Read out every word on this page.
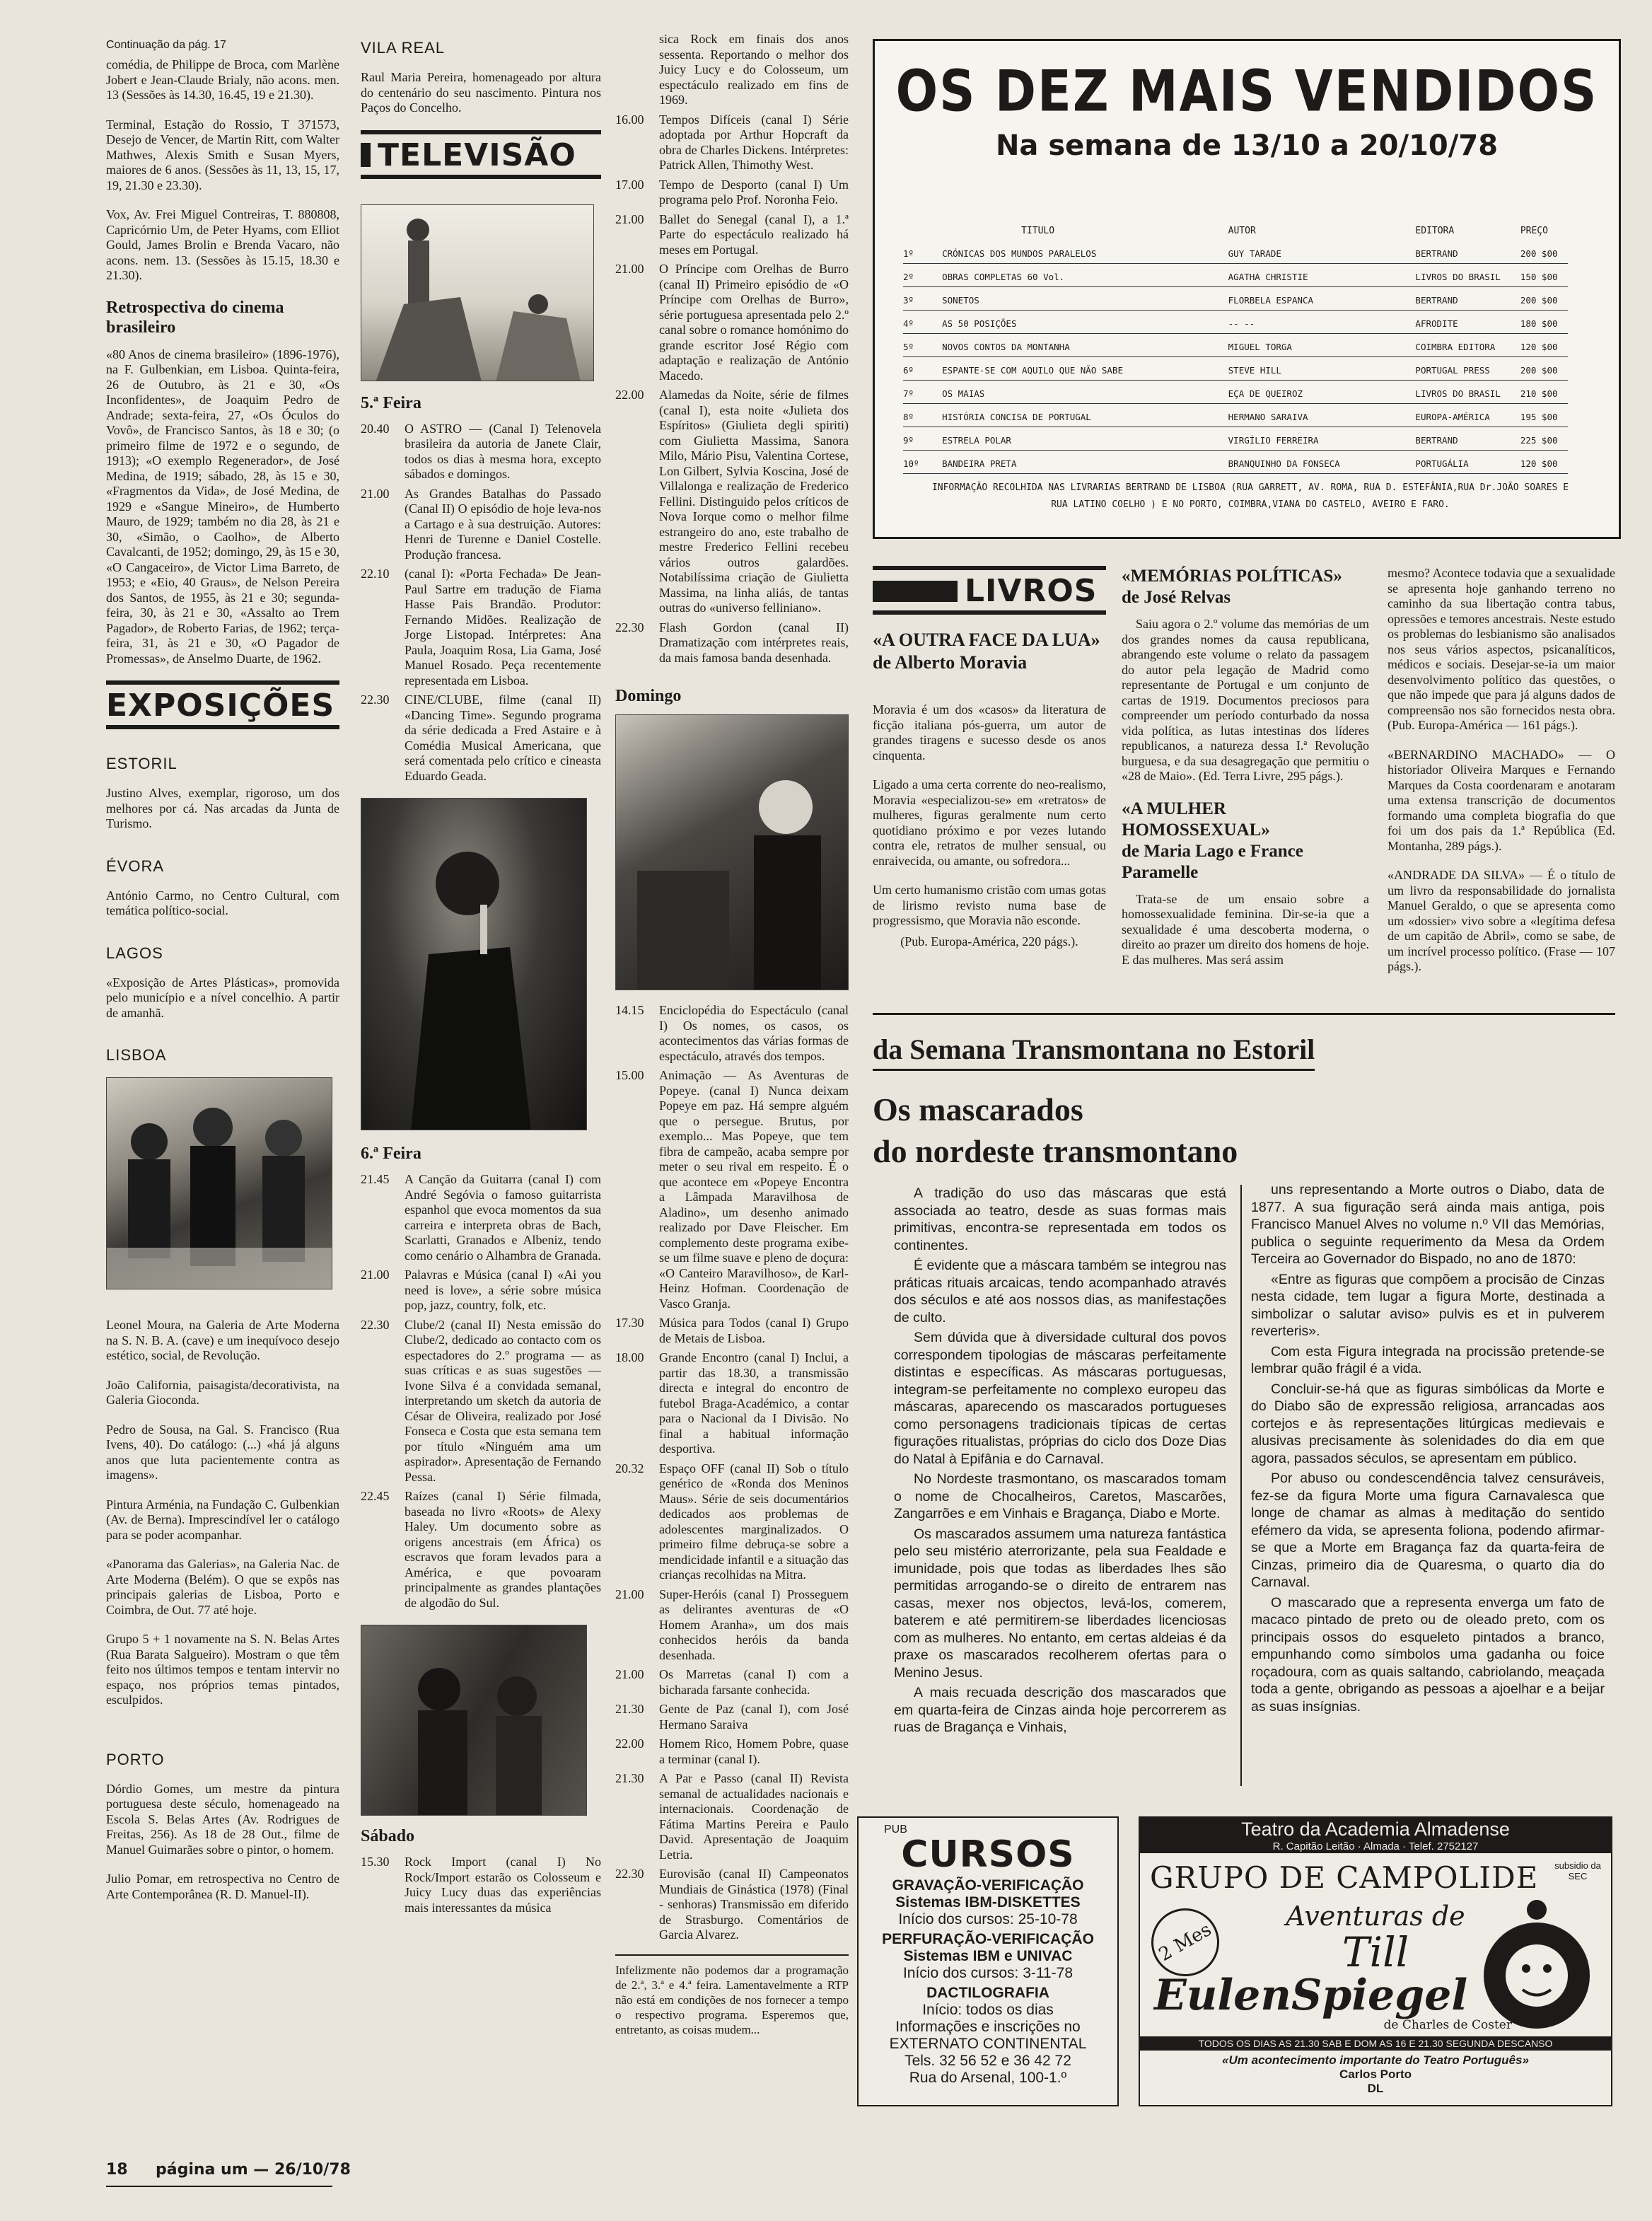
Continuação da pág. 17
comédia, de Philippe de Broca, com Marlène Jobert e Jean-Claude Brialy, não acons. men. 13 (Sessões às 14.30, 16.45, 19 e 21.30).
Terminal, Estação do Rossio, T 371573, Desejo de Vencer, de Martin Ritt, com Walter Mathwes, Alexis Smith e Susan Myers, maiores de 6 anos. (Sessões às 11, 13, 15, 17, 19, 21.30 e 23.30).
Vox, Av. Frei Miguel Contreiras, T. 880808, Capricórnio Um, de Peter Hyams, com Elliot Gould, James Brolin e Brenda Vacaro, não acons. nem. 13. (Sessões às 15.15, 18.30 e 21.30).
Retrospectiva do cinema brasileiro
«80 Anos de cinema brasileiro» (1896-1976), na F. Gulbenkian, em Lisboa. Quinta-feira, 26 de Outubro, às 21 e 30, «Os Inconfidentes», de Joaquim Pedro de Andrade; sexta-feira, 27, «Os Óculos do Vovô», de Francisco Santos, às 18 e 30; (o primeiro filme de 1972 e o segundo, de 1913); «O exemplo Regenerador», de José Medina, de 1919; sábado, 28, às 15 e 30, «Fragmentos da Vida», de José Medina, de 1929 e «Sangue Mineiro», de Humberto Mauro, de 1929; também no dia 28, às 21 e 30, «Simão, o Caolho», de Alberto Cavalcanti, de 1952; domingo, 29, às 15 e 30, «O Cangaceiro», de Victor Lima Barreto, de 1953; e «Eio, 40 Graus», de Nelson Pereira dos Santos, de 1955, às 21 e 30; segunda-feira, 30, às 21 e 30, «Assalto ao Trem Pagador», de Roberto Farias, de 1962; terça-feira, 31, às 21 e 30, «O Pagador de Promessas», de Anselmo Duarte, de 1962.
EXPOSIÇÕES
ESTORIL
Justino Alves, exemplar, rigoroso, um dos melhores por cá. Nas arcadas da Junta de Turismo.
ÉVORA
António Carmo, no Centro Cultural, com temática político-social.
LAGOS
«Exposição de Artes Plásticas», promovida pelo município e a nível concelhio. A partir de amanhã.
LISBOA
Leonel Moura, na Galeria de Arte Moderna na S. N. B. A. (cave) e um inequívoco desejo estético, social, de Revolução.
João California, paisagista/decorativista, na Galeria Gioconda.
Pedro de Sousa, na Gal. S. Francisco (Rua Ivens, 40). Do catálogo: (...) «há já alguns anos que luta pacientemente contra as imagens».
Pintura Arménia, na Fundação C. Gulbenkian (Av. de Berna). Imprescindível ler o catálogo para se poder acompanhar.
«Panorama das Galerias», na Galeria Nac. de Arte Moderna (Belém). O que se expôs nas principais galerias de Lisboa, Porto e Coimbra, de Out. 77 até hoje.
Grupo 5 + 1 novamente na S. N. Belas Artes (Rua Barata Salgueiro). Mostram o que têm feito nos últimos tempos e tentam intervir no espaço, nos próprios temas pintados, esculpidos.
PORTO
Dórdio Gomes, um mestre da pintura portuguesa deste século, homenageado na Escola S. Belas Artes (Av. Rodrigues de Freitas, 256). As 18 de 28 Out., filme de Manuel Guimarães sobre o pintor, o homem.
Julio Pomar, em retrospectiva no Centro de Arte Contemporânea (R. D. Manuel-II).
VILA REAL
Raul Maria Pereira, homenageado por altura do centenário do seu nascimento. Pintura nos Paços do Concelho.
TELEVISÃO
5.ª Feira
20.40	O ASTRO — (Canal I) Telenovela brasileira da autoria de Janete Clair, todos os dias à mesma hora, excepto sábados e domingos.
21.00	As Grandes Batalhas do Passado (Canal II) O episódio de hoje leva-nos a Cartago e à sua destruição. Autores: Henri de Turenne e Daniel Costelle. Produção francesa.
22.10	(canal I): «Porta Fechada» De Jean-Paul Sartre em tradução de Fiama Hasse Pais Brandão. Produtor: Fernando Midões. Realização de Jorge Listopad. Intérpretes: Ana Paula, Joaquim Rosa, Lia Gama, José Manuel Rosado. Peça recentemente representada em Lisboa.
22.30	CINE/CLUBE, filme (canal II) «Dancing Time». Segundo programa da série dedicada a Fred Astaire e à Comédia Musical Americana, que será comentada pelo crítico e cineasta Eduardo Geada.
6.ª Feira
21.45	A Canção da Guitarra (canal I) com André Segóvia o famoso guitarrista espanhol que evoca momentos da sua carreira e interpreta obras de Bach, Scarlatti, Granados e Albeniz, tendo como cenário o Alhambra de Granada.
21.00	Palavras e Música (canal I) «Ai you need is love», a série sobre música pop, jazz, country, folk, etc.
22.30	Clube/2 (canal II) Nesta emissão do Clube/2, dedicado ao contacto com os espectadores do 2.º programa — as suas críticas e as suas sugestões — Ivone Silva é a convidada semanal, interpretando um sketch da autoria de César de Oliveira, realizado por José Fonseca e Costa que esta semana tem por título «Ninguém ama um aspirador». Apresentação de Fernando Pessa.
22.45	Raízes (canal I) Série filmada, baseada no livro «Roots» de Alexy Haley. Um documento sobre as origens ancestrais (em África) os escravos que foram levados para a América, e que povoaram principalmente as grandes plantações de algodão do Sul.
Sábado
15.30	Rock Import (canal I) No Rock/Import estarão os Colosseum e Juicy Lucy duas das experiências mais interessantes da música
sica Rock em finais dos anos sessenta. Reportando o melhor dos Juicy Lucy e do Colosseum, um espectáculo realizado em fins de 1969.
16.00	Tempos Difíceis (canal I) Série adoptada por Arthur Hopcraft da obra de Charles Dickens. Intérpretes: Patrick Allen, Thimothy West.
17.00	Tempo de Desporto (canal I) Um programa pelo Prof. Noronha Feio.
21.00	Ballet do Senegal (canal I), a 1.ª Parte do espectáculo realizado há meses em Portugal.
21.00	O Príncipe com Orelhas de Burro (canal II) Primeiro episódio de «O Príncipe com Orelhas de Burro», série portuguesa apresentada pelo 2.º canal sobre o romance homónimo do grande escritor José Régio com adaptação e realização de António Macedo.
22.00	Alamedas da Noite, série de filmes (canal I), esta noite «Julieta dos Espíritos» (Giulieta degli spiriti) com Giulietta Massima, Sanora Milo, Mário Pisu, Valentina Cortese, Lon Gilbert, Sylvia Koscina, José de Villalonga e realização de Frederico Fellini. Distinguido pelos críticos de Nova Iorque como o melhor filme estrangeiro do ano, este trabalho de mestre Frederico Fellini recebeu vários outros galardões. Notabilíssima criação de Giulietta Massima, na linha aliás, de tantas outras do «universo felliniano».
22.30	Flash Gordon (canal II) Dramatização com intérpretes reais, da mais famosa banda desenhada.
Domingo
14.15	Enciclopédia do Espectáculo (canal I) Os nomes, os casos, os acontecimentos das várias formas de espectáculo, através dos tempos.
15.00	Animação — As Aventuras de Popeye. (canal I) Nunca deixam Popeye em paz. Há sempre alguém que o persegue. Brutus, por exemplo... Mas Popeye, que tem fibra de campeão, acaba sempre por meter o seu rival em respeito. É o que acontece em «Popeye Encontra a Lâmpada Maravilhosa de Aladino», um desenho animado realizado por Dave Fleischer. Em complemento deste programa exibe-se um filme suave e pleno de doçura: «O Canteiro Maravilhoso», de Karl-Heinz Hofman. Coordenação de Vasco Granja.
17.30	Música para Todos (canal I) Grupo de Metais de Lisboa.
18.00	Grande Encontro (canal I) Inclui, a partir das 18.30, a transmissão directa e integral do encontro de futebol Braga-Académico, a contar para o Nacional da I Divisão. No final a habitual informação desportiva.
20.32	Espaço OFF (canal II) Sob o título genérico de «Ronda dos Meninos Maus». Série de seis documentários dedicados aos problemas de adolescentes marginalizados. O primeiro filme debruça-se sobre a mendicidade infantil e a situação das crianças recolhidas na Mitra.
21.00	Super-Heróis (canal I) Prosseguem as delirantes aventuras de «O Homem Aranha», um dos mais conhecidos heróis da banda desenhada.
21.00	Os Marretas (canal I) com a bicharada farsante conhecida.
21.30	Gente de Paz (canal I), com José Hermano Saraiva
22.00	Homem Rico, Homem Pobre, quase a terminar (canal I).
21.30	A Par e Passo (canal II) Revista semanal de actualidades nacionais e internacionais. Coordenação de Fátima Martins Pereira e Paulo David. Apresentação de Joaquim Letria.
22.30	Eurovisão (canal II) Campeonatos Mundiais de Ginástica (1978) (Final - senhoras) Transmissão em diferido de Strasburgo. Comentários de Garcia Alvarez.
Infelizmente não podemos dar a programação de 2.ª, 3.ª e 4.ª feira. Lamentavelmente a RTP não está em condições de nos fornecer a tempo o respectivo programa. Esperemos que, entretanto, as coisas mudem...
OS DEZ MAIS VENDIDOS
Na semana de 13/10 a 20/10/78
	TITULO	AUTOR	EDITORA	PREÇO
1º	CRÓNICAS DOS MUNDOS PARALELOS	GUY TARADE	BERTRAND	200 $00
2º	OBRAS COMPLETAS 60 Vol.	AGATHA CHRISTIE	LIVROS DO BRASIL	150 $00
3º	SONETOS	FLORBELA ESPANCA	BERTRAND	200 $00
4º	AS 50 POSIÇÕES	-- --	AFRODITE	180 $00
5º	NOVOS CONTOS DA MONTANHA	MIGUEL TORGA	COIMBRA EDITORA	120 $00
6º	ESPANTE-SE COM AQUILO QUE NÃO SABE	STEVE HILL	PORTUGAL PRESS	200 $00
7º	OS MAIAS	EÇA DE QUEIROZ	LIVROS DO BRASIL	210 $00
8º	HISTÓRIA CONCISA DE PORTUGAL	HERMANO SARAIVA	EUROPA-AMÉRICA	195 $00
9º	ESTRELA POLAR	VIRGÍLIO FERREIRA	BERTRAND	225 $00
10º	BANDEIRA PRETA	BRANQUINHO DA FONSECA	PORTUGÁLIA	120 $00
INFORMAÇÃO RECOLHIDA NAS LIVRARIAS BERTRAND DE LISBOA (RUA GARRETT, AV. ROMA, RUA D. ESTEFÂNIA,RUA Dr.JOÃO SOARES E RUA LATINO COELHO ) E NO PORTO, COIMBRA,VIANA DO CASTELO, AVEIRO E FARO.
LIVROS
«A OUTRA FACE DA LUA»
de Alberto Moravia
Moravia é um dos «casos» da literatura de ficção italiana pós-guerra, um autor de grandes tiragens e sucesso desde os anos cinquenta.
Ligado a uma certa corrente do neo-realismo, Moravia «especializou-se» em «retratos» de mulheres, figuras geralmente num certo quotidiano próximo e por vezes lutando contra ele, retratos de mulher sensual, ou enraivecida, ou amante, ou sofredora...
Um certo humanismo cristão com umas gotas de lirismo revisto numa base de progressismo, que Moravia não esconde.
(Pub. Europa-América, 220 págs.).
«MEMÓRIAS POLÍTICAS»
de José Relvas
Saiu agora o 2.º volume das memórias de um dos grandes nomes da causa republicana, abrangendo este volume o relato da passagem do autor pela legação de Madrid como representante de Portugal e um conjunto de cartas de 1919. Documentos preciosos para compreender um período conturbado da nossa vida política, as lutas intestinas dos líderes republicanos, a natureza dessa I.ª Revolução burguesa, e da sua desagregação que permitiu o «28 de Maio». (Ed. Terra Livre, 295 págs.).
«A MULHER HOMOSSEXUAL»
de Maria Lago e France Paramelle
Trata-se de um ensaio sobre a homossexualidade feminina. Dir-se-ia que a sexualidade é uma descoberta moderna, o direito ao prazer um direito dos homens de hoje. E das mulheres. Mas será assim
mesmo? Acontece todavia que a sexualidade se apresenta hoje ganhando terreno no caminho da sua libertação contra tabus, opressões e temores ancestrais. Neste estudo os problemas do lesbianismo são analisados nos seus vários aspectos, psicanalíticos, médicos e sociais. Desejar-se-ia um maior desenvolvimento político das questões, o que não impede que para já alguns dados de compreensão nos são fornecidos nesta obra. (Pub. Europa-América — 161 págs.).
«BERNARDINO MACHADO» — O historiador Oliveira Marques e Fernando Marques da Costa coordenaram e anotaram uma extensa transcrição de documentos formando uma completa biografia do que foi um dos pais da 1.ª República (Ed. Montanha, 289 págs.).
«ANDRADE DA SILVA» — É o título de um livro da responsabilidade do jornalista Manuel Geraldo, o que se apresenta como um «dossier» vivo sobre a «legítima defesa de um capitão de Abril», como se sabe, de um incrível processo político. (Frase — 107 págs.).
da Semana Transmontana no Estoril
Os mascarados
do nordeste transmontano
A tradição do uso das máscaras que está associada ao teatro, desde as suas formas mais primitivas, encontra-se representada em todos os continentes.
É evidente que a máscara também se integrou nas práticas rituais arcaicas, tendo acompanhado através dos séculos e até aos nossos dias, as manifestações de culto.
Sem dúvida que à diversidade cultural dos povos correspondem tipologias de máscaras perfeitamente distintas e específicas. As máscaras portuguesas, integram-se perfeitamente no complexo europeu das máscaras, aparecendo os mascarados portugueses como personagens tradicionais típicas de certas figurações ritualistas, próprias do ciclo dos Doze Dias do Natal à Epifânia e do Carnaval.
No Nordeste trasmontano, os mascarados tomam o nome de Chocalheiros, Caretos, Mascarões, Zangarrões e em Vinhais e Bragança, Diabo e Morte.
Os mascarados assumem uma natureza fantástica pelo seu mistério aterrorizante, pela sua Fealdade e imunidade, pois que todas as liberdades lhes são permitidas arrogando-se o direito de entrarem nas casas, mexer nos objectos, levá-los, comerem, baterem e até permitirem-se liberdades licenciosas com as mulheres. No entanto, em certas aldeias é da praxe os mascarados recolherem ofertas para o Menino Jesus.
A mais recuada descrição dos mascarados que em quarta-feira de Cinzas ainda hoje percorrerem as ruas de Bragança e Vinhais,
uns representando a Morte outros o Diabo, data de 1877. A sua figuração será ainda mais antiga, pois Francisco Manuel Alves no volume n.º VII das Memórias, publica o seguinte requerimento da Mesa da Ordem Terceira ao Governador do Bispado, no ano de 1870:
«Entre as figuras que compõem a procisão de Cinzas nesta cidade, tem lugar a figura Morte, destinada a simbolizar o salutar aviso» pulvis es et in pulverem reverteris».
Com esta Figura integrada na procissão pretende-se lembrar quão frágil é a vida.
Concluir-se-há que as figuras simbólicas da Morte e do Diabo são de expressão religiosa, arrancadas aos cortejos e às representações litúrgicas medievais e alusivas precisamente às solenidades do dia em que agora, passados séculos, se apresentam em público.
Por abuso ou condescendência talvez censuráveis, fez-se da figura Morte uma figura Carnavalesca que longe de chamar as almas à meditação do sentido efémero da vida, se apresenta foliona, podendo afirmar-se que a Morte em Bragança faz da quarta-feira de Cinzas, primeiro dia de Quaresma, o quarto dia do Carnaval.
O mascarado que a representa enverga um fato de macaco pintado de preto ou de oleado preto, com os principais ossos do esqueleto pintados a branco, empunhando como símbolos uma gadanha ou foice roçadoura, com as quais saltando, cabriolando, meaçada toda a gente, obrigando as pessoas a ajoelhar e a beijar as suas insígnias.
PUB
CURSOS
GRAVAÇÃO-VERIFICAÇÃO
Sistemas IBM-DISKETTES
Início dos cursos: 25-10-78
PERFURAÇÃO-VERIFICAÇÃO
Sistemas IBM e UNIVAC
Início dos cursos: 3-11-78
DACTILOGRAFIA
Início: todos os dias
Informações e inscrições no
EXTERNATO CONTINENTAL
Tels. 32 56 52 e 36 42 72
Rua do Arsenal, 100-1.º
Teatro da Academia Almadense
R. Capitão Leitão · Almada · Telef. 2752127
GRUPO DE CAMPOLIDE	subsidio da SEC
2 Mes
Aventuras de
Till
EulenSpiegel
de Charles de Coster
TODOS OS DIAS AS 21.30 SAB E DOM AS 16 E 21.30 SEGUNDA DESCANSO
«Um acontecimento importante do Teatro Português»
Carlos Porto
DL
18 página um — 26/10/78
